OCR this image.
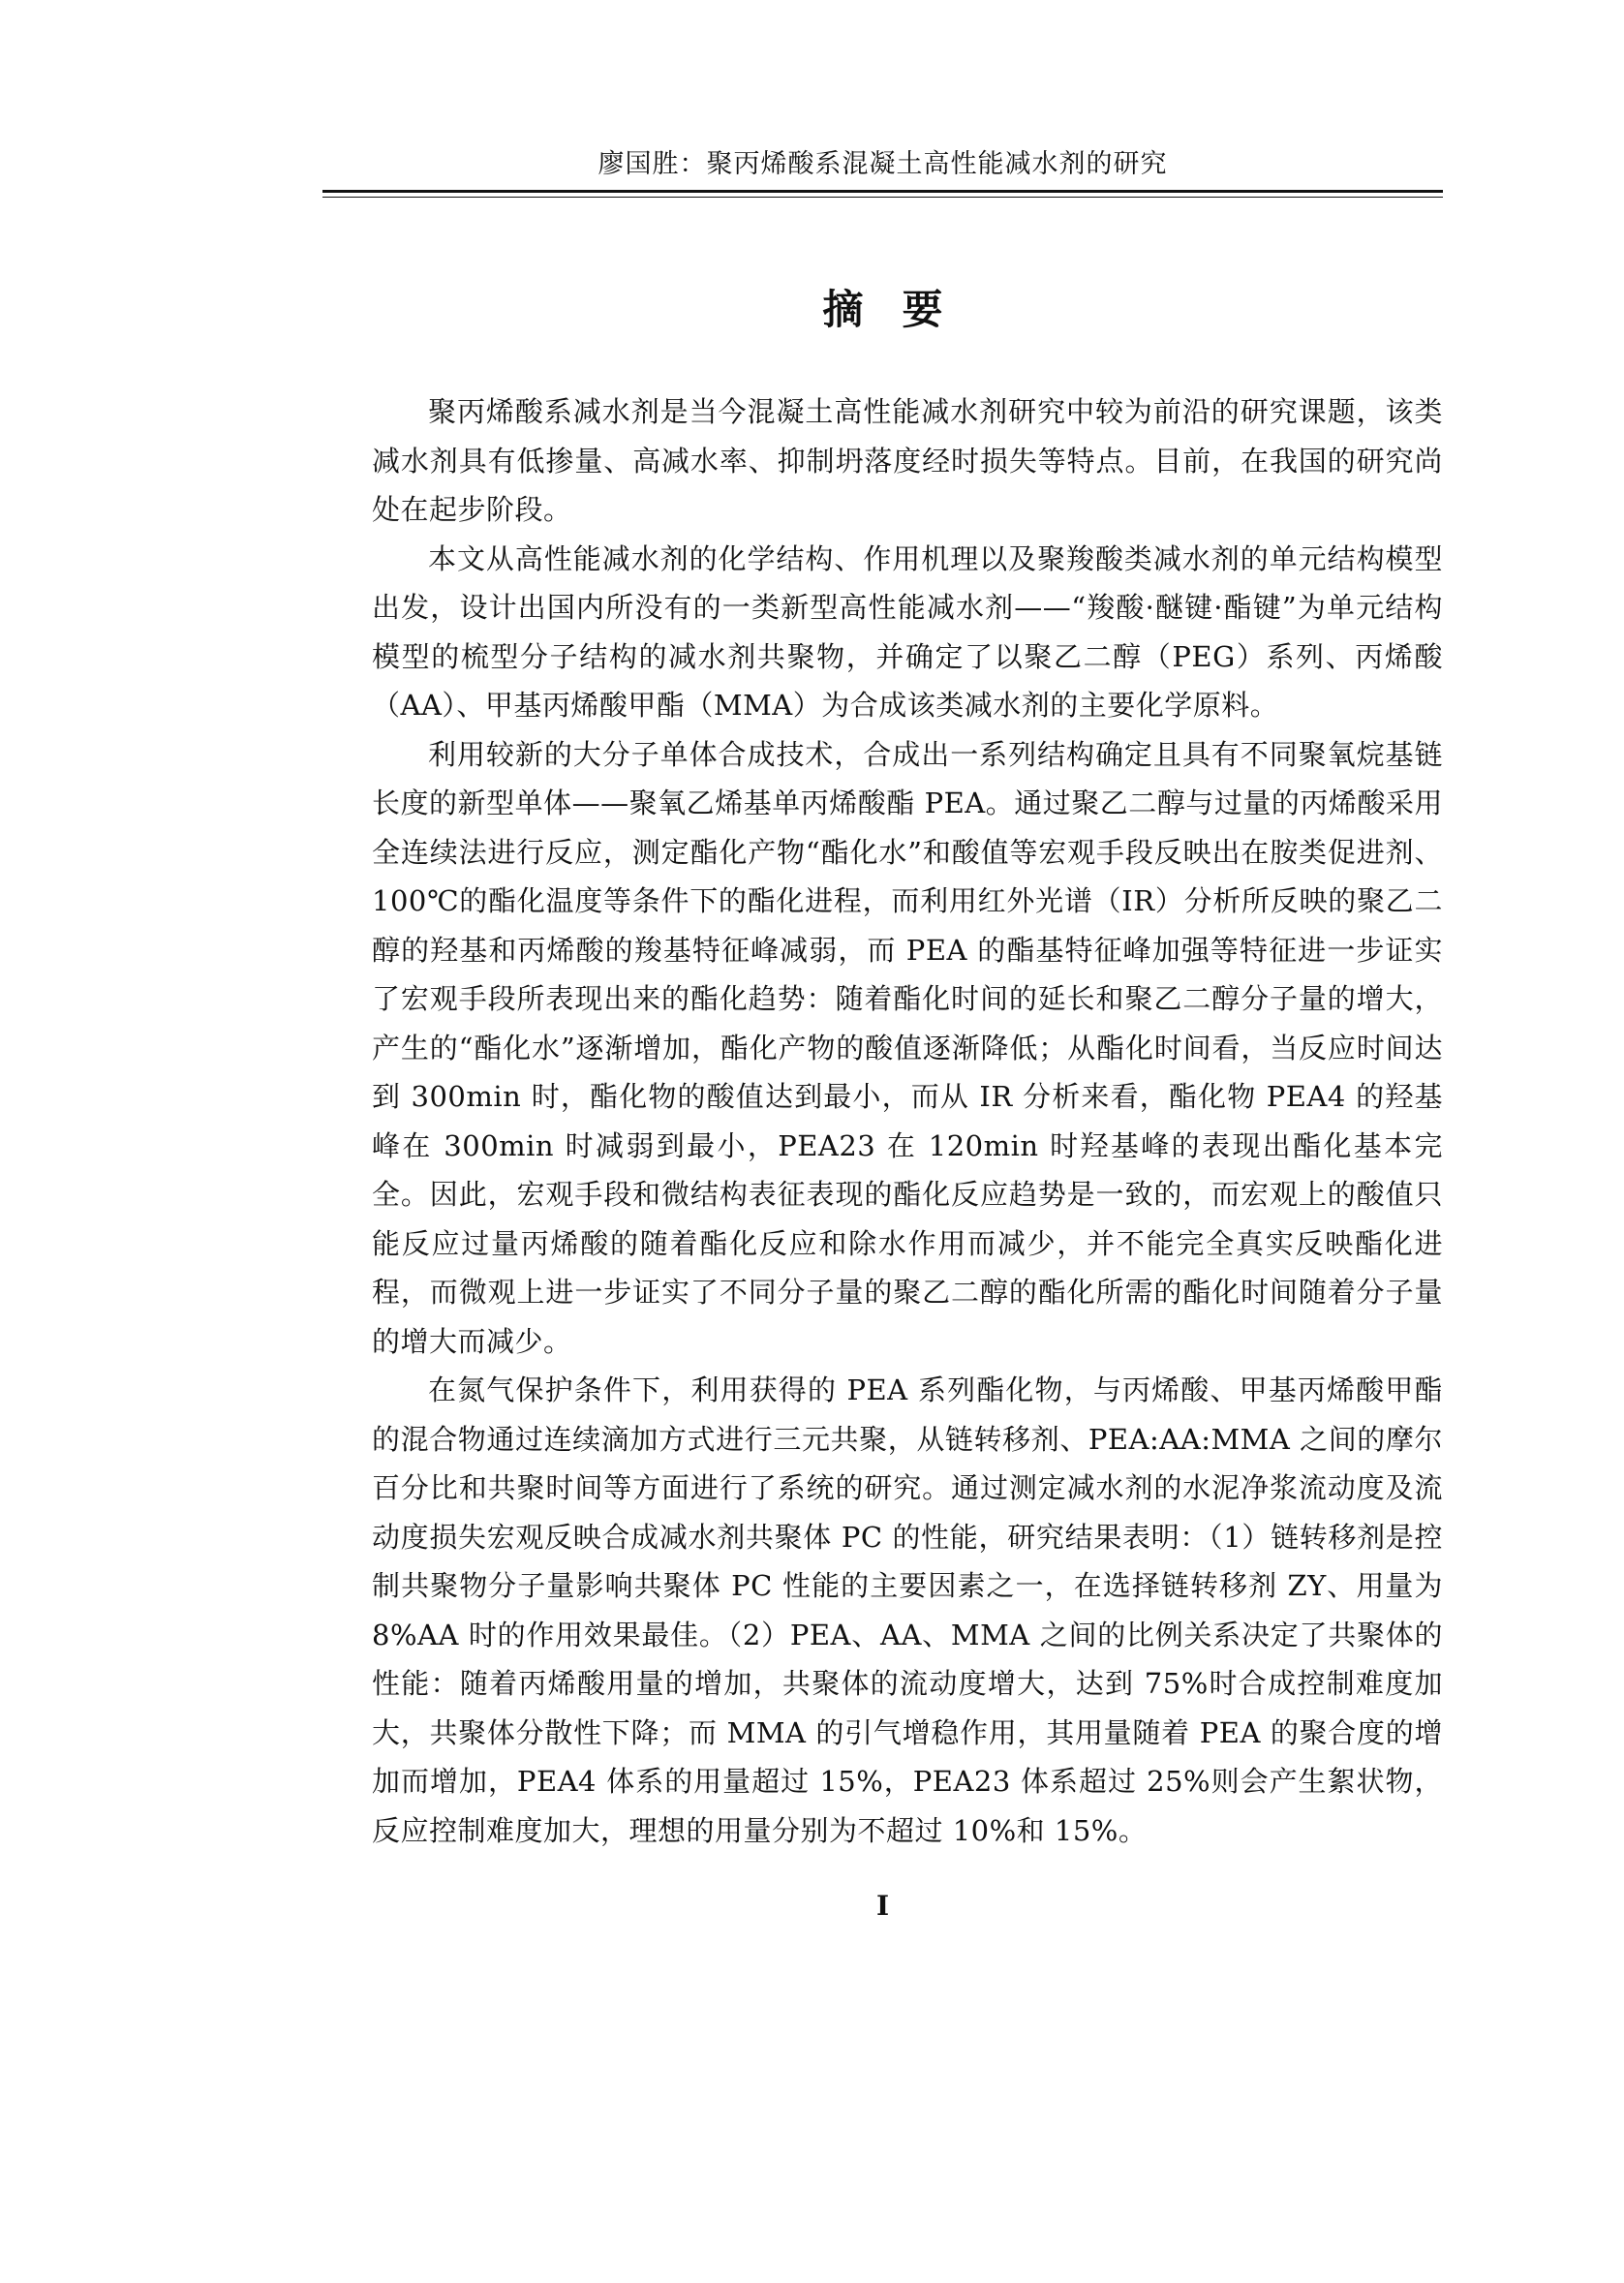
廖国胜：聚丙烯酸系混凝土高性能减水剂的研究
摘要

聚丙烯酸系减水剂是当今混凝土高性能减水剂研究中较为前沿的研究课题，该类减水剂具有低掺量、高减水率、抑制坍落度经时损失等特点。目前，在我国的研究尚处在起步阶段。

本文从高性能减水剂的化学结构、作用机理以及聚羧酸类减水剂的单元结构模型出发，设计出国内所没有的一类新型高性能减水剂——“羧酸·醚键·酯键”为单元结构模型的梳型分子结构的减水剂共聚物，并确定了以聚乙二醇（PEG）系列、丙烯酸（AA）、甲基丙烯酸甲酯（MMA）为合成该类减水剂的主要化学原料。

利用较新的大分子单体合成技术，合成出一系列结构确定且具有不同聚氧烷基链长度的新型单体——聚氧乙烯基单丙烯酸酯 PEA。通过聚乙二醇与过量的丙烯酸采用全连续法进行反应，测定酯化产物“酯化水”和酸值等宏观手段反映出在胺类促进剂、100℃的酯化温度等条件下的酯化进程，而利用红外光谱（IR）分析所反映的聚乙二醇的羟基和丙烯酸的羧基特征峰减弱，而 PEA 的酯基特征峰加强等特征进一步证实了宏观手段所表现出来的酯化趋势：随着酯化时间的延长和聚乙二醇分子量的增大，产生的“酯化水”逐渐增加，酯化产物的酸值逐渐降低；从酯化时间看，当反应时间达到 300min 时，酯化物的酸值达到最小，而从 IR 分析来看，酯化物 PEA4 的羟基峰在 300min 时减弱到最小，PEA23 在 120min 时羟基峰的表现出酯化基本完全。因此，宏观手段和微结构表征表现的酯化反应趋势是一致的，而宏观上的酸值只能反应过量丙烯酸的随着酯化反应和除水作用而减少，并不能完全真实反映酯化进程，而微观上进一步证实了不同分子量的聚乙二醇的酯化所需的酯化时间随着分子量的增大而减少。

在氮气保护条件下，利用获得的 PEA 系列酯化物，与丙烯酸、甲基丙烯酸甲酯的混合物通过连续滴加方式进行三元共聚，从链转移剂、PEA:AA:MMA 之间的摩尔百分比和共聚时间等方面进行了系统的研究。通过测定减水剂的水泥净浆流动度及流动度损失宏观反映合成减水剂共聚体 PC 的性能，研究结果表明：（1）链转移剂是控制共聚物分子量影响共聚体 PC 性能的主要因素之一，在选择链转移剂 ZY、用量为 8%AA 时的作用效果最佳。（2）PEA、AA、MMA 之间的比例关系决定了共聚体的性能：随着丙烯酸用量的增加，共聚体的流动度增大，达到 75%时合成控制难度加大，共聚体分散性下降；而 MMA 的引气增稳作用，其用量随着 PEA 的聚合度的增加而增加，PEA4 体系的用量超过 15%，PEA23 体系超过 25%则会产生絮状物，反应控制难度加大，理想的用量分别为不超过 10%和 15%。

I
